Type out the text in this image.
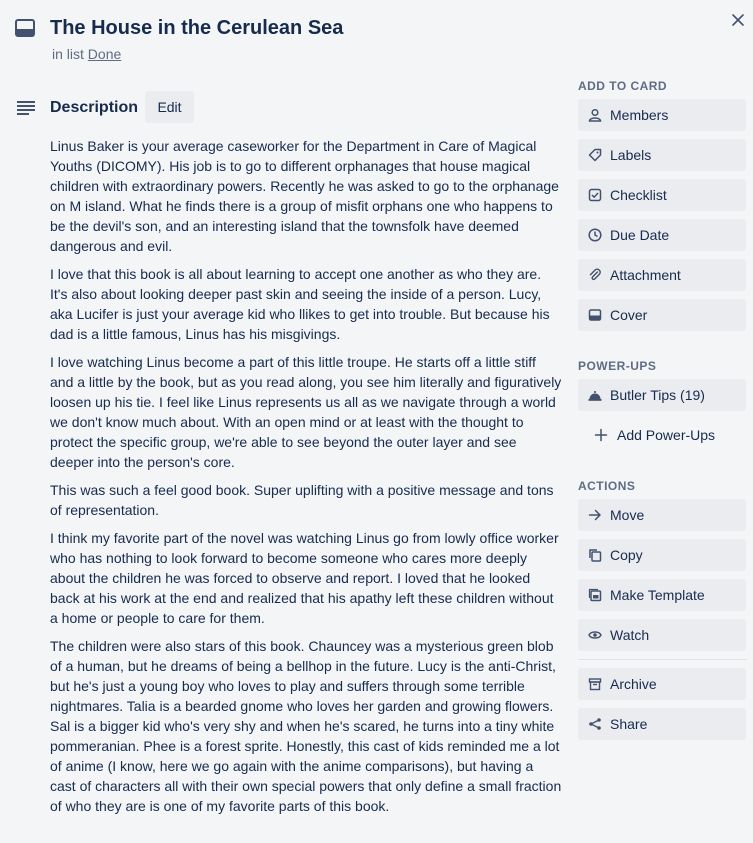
The House in the Cerulean Sea
in list Done
Description	Edit

Linus Baker is your average caseworker for the Department in Care of Magical Youths (DICOMY). His job is to go to different orphanages that house magical children with extraordinary powers. Recently he was asked to go to the orphanage on M island. What he finds there is a group of misfit orphans one who happens to be the devil's son, and an interesting island that the townsfolk have deemed dangerous and evil.

I love that this book is all about learning to accept one another as who they are. It's also about looking deeper past skin and seeing the inside of a person. Lucy, aka Lucifer is just your average kid who llikes to get into trouble. But because his dad is a little famous, Linus has his misgivings.

I love watching Linus become a part of this little troupe. He starts off a little stiff and a little by the book, but as you read along, you see him literally and figuratively loosen up his tie. I feel like Linus represents us all as we navigate through a world we don't know much about. With an open mind or at least with the thought to protect the specific group, we're able to see beyond the outer layer and see deeper into the person's core.

This was such a feel good book. Super uplifting with a positive message and tons of representation.

I think my favorite part of the novel was watching Linus go from lowly office worker who has nothing to look forward to become someone who cares more deeply about the children he was forced to observe and report. I loved that he looked back at his work at the end and realized that his apathy left these children without a home or people to care for them.

The children were also stars of this book. Chauncey was a mysterious green blob of a human, but he dreams of being a bellhop in the future. Lucy is the anti-Christ, but he's just a young boy who loves to play and suffers through some terrible nightmares. Talia is a bearded gnome who loves her garden and growing flowers. Sal is a bigger kid who's very shy and when he's scared, he turns into a tiny white pommeranian. Phee is a forest sprite. Honestly, this cast of kids reminded me a lot of anime (I know, here we go again with the anime comparisons), but having a cast of characters all with their own special powers that only define a small fraction of who they are is one of my favorite parts of this book.

ADD TO CARD
Members
Labels
Checklist
Due Date
Attachment
Cover
POWER-UPS
Butler Tips (19)
Add Power-Ups
ACTIONS
Move
Copy
Make Template
Watch
Archive
Share
